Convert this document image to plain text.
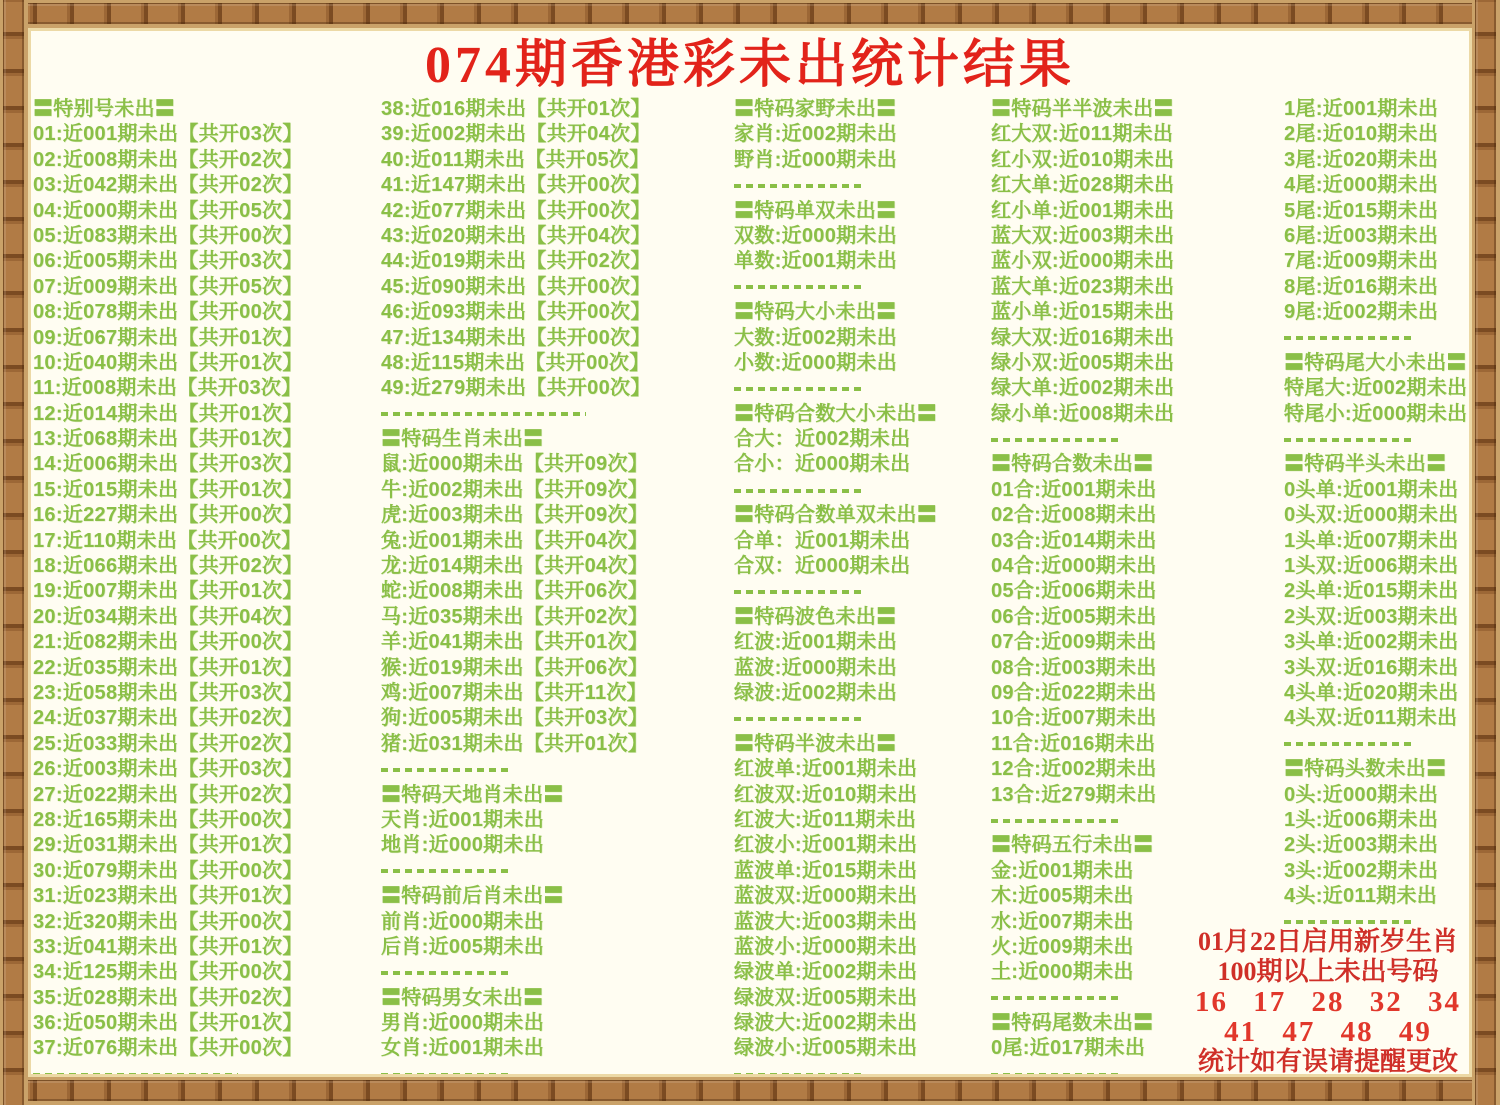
074期香港彩未出统计结果
〓特别号未出〓
01:近001期未出【共开03次】
02:近008期未出【共开02次】
03:近042期未出【共开02次】
04:近000期未出【共开05次】
05:近083期未出【共开00次】
06:近005期未出【共开03次】
07:近009期未出【共开05次】
08:近078期未出【共开00次】
09:近067期未出【共开01次】
10:近040期未出【共开01次】
11:近008期未出【共开03次】
12:近014期未出【共开01次】
13:近068期未出【共开01次】
14:近006期未出【共开03次】
15:近015期未出【共开01次】
16:近227期未出【共开00次】
17:近110期未出【共开00次】
18:近066期未出【共开02次】
19:近007期未出【共开01次】
20:近034期未出【共开04次】
21:近082期未出【共开00次】
22:近035期未出【共开01次】
23:近058期未出【共开03次】
24:近037期未出【共开02次】
25:近033期未出【共开02次】
26:近003期未出【共开03次】
27:近022期未出【共开02次】
28:近165期未出【共开00次】
29:近031期未出【共开01次】
30:近079期未出【共开00次】
31:近023期未出【共开01次】
32:近320期未出【共开00次】
33:近041期未出【共开01次】
34:近125期未出【共开00次】
35:近028期未出【共开02次】
36:近050期未出【共开01次】
37:近076期未出【共开00次】
38:近016期未出【共开01次】
39:近002期未出【共开04次】
40:近011期未出【共开05次】
41:近147期未出【共开00次】
42:近077期未出【共开00次】
43:近020期未出【共开04次】
44:近019期未出【共开02次】
45:近090期未出【共开00次】
46:近093期未出【共开00次】
47:近134期未出【共开00次】
48:近115期未出【共开00次】
49:近279期未出【共开00次】
〓特码生肖未出〓
鼠:近000期未出【共开09次】
牛:近002期未出【共开09次】
虎:近003期未出【共开09次】
兔:近001期未出【共开04次】
龙:近014期未出【共开04次】
蛇:近008期未出【共开06次】
马:近035期未出【共开02次】
羊:近041期未出【共开01次】
猴:近019期未出【共开06次】
鸡:近007期未出【共开11次】
狗:近005期未出【共开03次】
猪:近031期未出【共开01次】
〓特码天地肖未出〓
天肖:近001期未出
地肖:近000期未出
〓特码前后肖未出〓
前肖:近000期未出
后肖:近005期未出
〓特码男女未出〓
男肖:近000期未出
女肖:近001期未出
〓特码家野未出〓
家肖:近002期未出
野肖:近000期未出
〓特码单双未出〓
双数:近000期未出
单数:近001期未出
〓特码大小未出〓
大数:近002期未出
小数:近000期未出
〓特码合数大小未出〓
合大：近002期未出
合小：近000期未出
〓特码合数单双未出〓
合单：近001期未出
合双：近000期未出
〓特码波色未出〓
红波:近001期未出
蓝波:近000期未出
绿波:近002期未出
〓特码半波未出〓
红波单:近001期未出
红波双:近010期未出
红波大:近011期未出
红波小:近001期未出
蓝波单:近015期未出
蓝波双:近000期未出
蓝波大:近003期未出
蓝波小:近000期未出
绿波单:近002期未出
绿波双:近005期未出
绿波大:近002期未出
绿波小:近005期未出
〓特码半半波未出〓
红大双:近011期未出
红小双:近010期未出
红大单:近028期未出
红小单:近001期未出
蓝大双:近003期未出
蓝小双:近000期未出
蓝大单:近023期未出
蓝小单:近015期未出
绿大双:近016期未出
绿小双:近005期未出
绿大单:近002期未出
绿小单:近008期未出
〓特码合数未出〓
01合:近001期未出
02合:近008期未出
03合:近014期未出
04合:近000期未出
05合:近006期未出
06合:近005期未出
07合:近009期未出
08合:近003期未出
09合:近022期未出
10合:近007期未出
11合:近016期未出
12合:近002期未出
13合:近279期未出
〓特码五行未出〓
金:近001期未出
木:近005期未出
水:近007期未出
火:近009期未出
土:近000期未出
〓特码尾数未出〓
0尾:近017期未出
1尾:近001期未出
2尾:近010期未出
3尾:近020期未出
4尾:近000期未出
5尾:近015期未出
6尾:近003期未出
7尾:近009期未出
8尾:近016期未出
9尾:近002期未出
〓特码尾大小未出〓
特尾大:近002期未出
特尾小:近000期未出
〓特码半头未出〓
0头单:近001期未出
0头双:近000期未出
1头单:近007期未出
1头双:近006期未出
2头单:近015期未出
2头双:近003期未出
3头单:近002期未出
3头双:近016期未出
4头单:近020期未出
4头双:近011期未出
〓特码头数未出〓
0头:近000期未出
1头:近006期未出
2头:近003期未出
3头:近002期未出
4头:近011期未出
01月22日启用新岁生肖
100期以上未出号码
16 17 28 32 34
41 47 48 49
统计如有误请提醒更改
